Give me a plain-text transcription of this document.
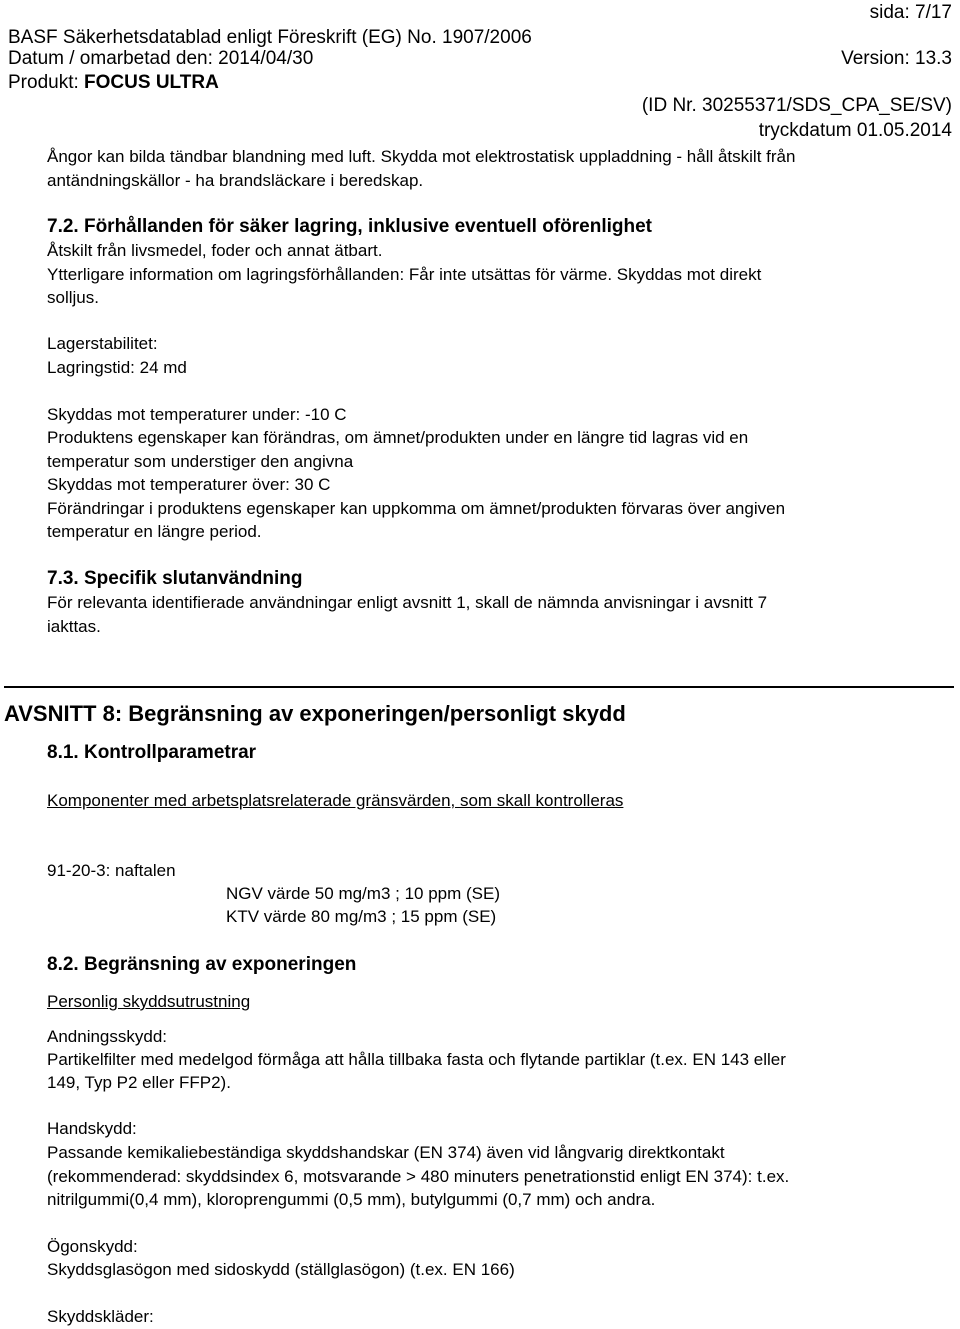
sida: 7/17
BASF Säkerhetsdatablad enligt Föreskrift (EG) No. 1907/2006
Datum / omarbetad den: 2014/04/30	Version: 13.3
Produkt: FOCUS ULTRA
(ID Nr. 30255371/SDS_CPA_SE/SV)
tryckdatum 01.05.2014
Ångor kan bilda tändbar blandning med luft. Skydda mot elektrostatisk uppladdning - håll åtskilt från
antändningskällor - ha brandsläckare i beredskap.
7.2. Förhållanden för säker lagring, inklusive eventuell oförenlighet
Åtskilt från livsmedel, foder och annat ätbart.
Ytterligare information om lagringsförhållanden: Får inte utsättas för värme. Skyddas mot direkt
solljus.
Lagerstabilitet:
Lagringstid: 24 md
Skyddas mot temperaturer under: -10 C
Produktens egenskaper kan förändras, om ämnet/produkten under en längre tid lagras vid en
temperatur som understiger den angivna
Skyddas mot temperaturer över: 30 C
Förändringar i produktens egenskaper kan uppkomma om ämnet/produkten förvaras över angiven
temperatur en längre period.
7.3. Specifik slutanvändning
För relevanta identifierade användningar enligt avsnitt 1, skall de nämnda anvisningar i avsnitt 7
iakttas.
AVSNITT 8: Begränsning av exponeringen/personligt skydd
8.1. Kontrollparametrar
Komponenter med arbetsplatsrelaterade gränsvärden, som skall kontrolleras
91-20-3: naftalen
NGV värde 50 mg/m3 ; 10 ppm (SE)
KTV värde 80 mg/m3 ; 15 ppm (SE)
8.2. Begränsning av exponeringen
Personlig skyddsutrustning
Andningsskydd:
Partikelfilter med medelgod förmåga att hålla tillbaka fasta och flytande partiklar (t.ex. EN 143 eller
149, Typ P2 eller FFP2).
Handskydd:
Passande kemikaliebeständiga skyddshandskar (EN 374) även vid långvarig direktkontakt
(rekommenderad: skyddsindex 6, motsvarande > 480 minuters penetrationstid enligt EN 374): t.ex.
nitrilgummi(0,4 mm), kloroprengummi (0,5 mm), butylgummi (0,7 mm) och andra.
Ögonskydd:
Skyddsglasögon med sidoskydd (ställglasögon) (t.ex. EN 166)
Skyddskläder:
